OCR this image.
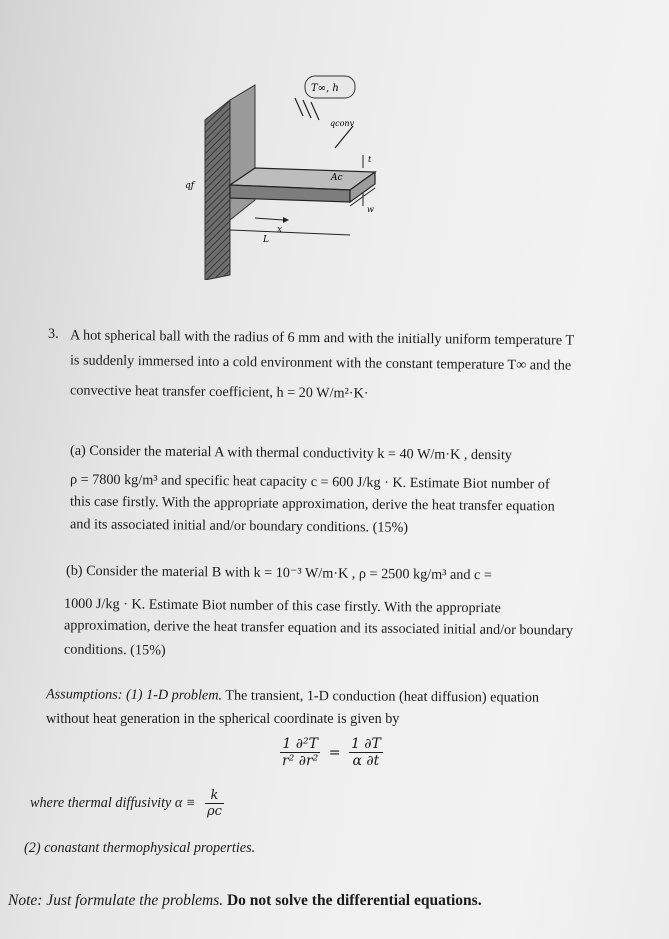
T∞, h
qconv
qf
Ac
x
L
w
t
3. A hot spherical ball with the radius of 6 mm and with the initially uniform temperature T
is suddenly immersed into a cold environment with the constant temperature T∞ and the
convective heat transfer coefficient, h = 20 W/m²·K·
(a) Consider the material A with thermal conductivity k = 40 W/m·K , density
ρ = 7800 kg/m³ and specific heat capacity c = 600 J/kg · K. Estimate Biot number of
this case firstly. With the appropriate approximation, derive the heat transfer equation
and its associated initial and/or boundary conditions. (15%)
(b) Consider the material B with k = 10⁻³ W/m·K , ρ = 2500 kg/m³ and c =
1000 J/kg · K. Estimate Biot number of this case firstly. With the appropriate
approximation, derive the heat transfer equation and its associated initial and/or boundary
conditions. (15%)
Assumptions: (1) 1-D problem. The transient, 1-D conduction (heat diffusion) equation
without heat generation in the spherical coordinate is given by
$\frac{\text{1 ∂²T}}{\text{r² ∂r²}} = \frac{1 \partial T}{\alpha \partial t}$
where thermal diffusivity $\alpha \equiv \frac{k}{\rho c}$
(2) conastant thermophysical properties.
Note: Just formulate the problems. Do not solve the differential equations.
